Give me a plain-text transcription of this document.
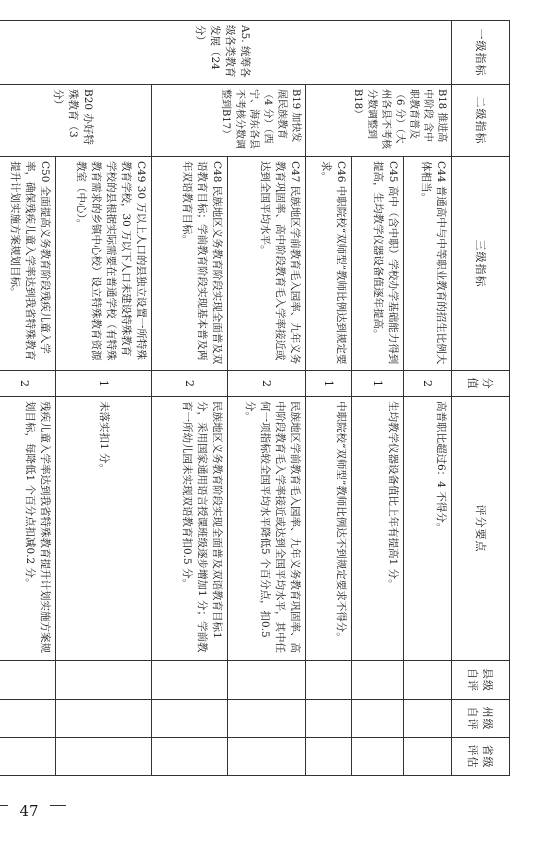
一级指标	二级指标	三级指标	分值	评分要点	县级自评	州级自评	省级评估
A5. 统筹各级各类教育发展（24 分）	B18 推进高中阶段 含中职教育普及（6 分）（大州各县不考核分数调整到B18）	C44 普通高中与中等职业教育的招生比例大体相当。	2	高普职比超过6：4 不得分。			
		C45 高中（含中职）学校办学基础能力得到提高，生均教学仪器设备值逐年提高。	1	生均教学仪器设备值比上年有提高1 分。			
		C46 中职院校“双师型”教师比例达到规定要求。	1	中职院校“双师型”教师比例达不到规定要求不得分。			
	B19 加快发展民族教育（4 分）（西宁、海东各县不考核分数调整到B17）	C47 民族地区学前教育毛入园率、九年义务教育巩固率、高中阶段教育毛入学率接近或达到全国平均水平。	2	民族地区学前教育毛入园率、九年义务教育巩固率、高中阶段教育毛入学率接近或达到全国平均水平，其中任何一项指标较全国平均水平降低5 个百分点，扣0.5 分。			
		C48 民族地区义务教育阶段实现全面普及双语教育目标；学前教育阶段实现基本普及两年双语教育目标。	2	民族地区义务教育阶段实现全面普及双语教育目标1 分，采用国家通用语言授课班级逐步增加1 分；学前教育一所幼儿园未实现双语教育扣0.5 分。			
	B20 办好特殊教育（3 分）	C49 30 万以上人口的县独立设置一所特殊教育学校，30 万以下人口未建设特殊教育学校的县根据实际需要在普通学校（有特殊教育需求的乡镇中心校）设立特殊教育资源教室（中心）。	1	未落实扣1 分。			
		C50 全面提高义务教育阶段残疾儿童入学率，确保残疾儿童入学率达到我省特殊教育提升计划实施方案规划目标。	2	残疾儿童入学率达到我省特殊教育提升计划实施方案规划目标，每降低1 个百分点扣减0.2 分。			
47
